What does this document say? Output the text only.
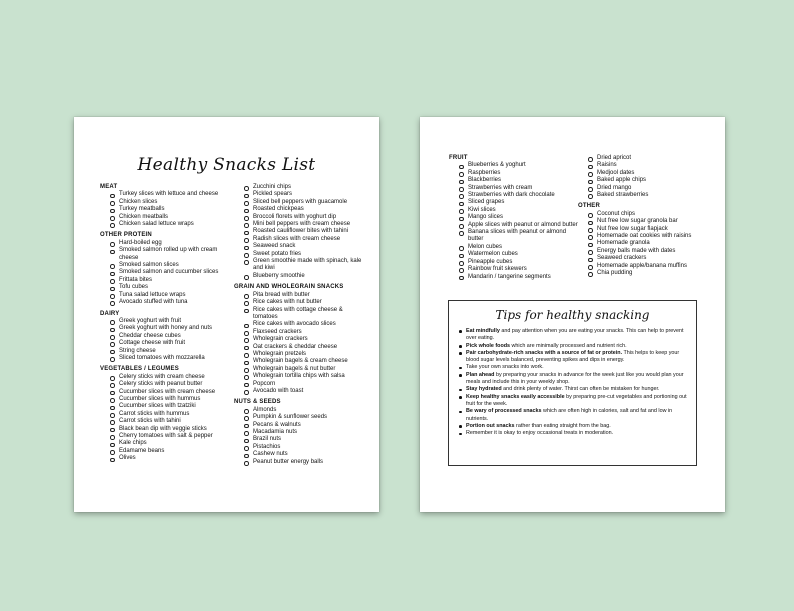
Healthy Snacks List
MEAT
Turkey slices with lettuce and cheese
Chicken slices
Turkey meatballs
Chicken meatballs
Chicken salad lettuce wraps
OTHER PROTEIN
Hard-boiled egg
Smoked salmon rolled up with cream cheese
Smoked salmon slices
Smoked salmon and cucumber slices
Frittata bites
Tofu cubes
Tuna salad lettuce wraps
Avocado stuffed with tuna
DAIRY
Greek yoghurt with fruit
Greek yoghurt with honey and nuts
Cheddar cheese cubes
Cottage cheese with fruit
String cheese
Sliced tomatoes with mozzarella
VEGETABLES / LEGUMES
Celery sticks with cream cheese
Celery sticks with peanut butter
Cucumber slices with cream cheese
Cucumber slices with hummus
Cucumber slices with tzatziki
Carrot sticks with hummus
Carrot sticks with tahini
Black bean dip with veggie sticks
Cherry tomatoes with salt & pepper
Kale chips
Edamame beans
Olives
Zucchini chips
Pickled spears
Sliced bell peppers with guacamole
Roasted chickpeas
Broccoli florets with yoghurt dip
Mini bell peppers with cream cheese
Roasted cauliflower bites with tahini
Radish slices with cream cheese
Seaweed snack
Sweet potato fries
Green smoothie made with spinach, kale and kiwi
Blueberry smoothie
GRAIN AND WHOLEGRAIN SNACKS
Pita bread with butter
Rice cakes with nut butter
Rice cakes with cottage cheese & tomatoes
Rice cakes with avocado slices
Flaxseed crackers
Wholegrain crackers
Oat crackers & cheddar cheese
Wholegrain pretzels
Wholegrain bagels & cream cheese
Wholegrain bagels & nut butter
Wholegrain tortilla chips with salsa
Popcorn
Avocado with toast
NUTS & SEEDS
Almonds
Pumpkin & sunflower seeds
Pecans & walnuts
Macadamia nuts
Brazil nuts
Pistachios
Cashew nuts
Peanut butter energy balls
FRUIT
Blueberries & yoghurt
Raspberries
Blackberries
Strawberries with cream
Strawberries with dark chocolate
Sliced grapes
Kiwi slices
Mango slices
Apple slices with peanut or almond butter
Banana slices with peanut or almond butter
Melon cubes
Watermelon cubes
Pineapple cubes
Rainbow fruit skewers
Mandarin / tangerine segments
Dried apricot
Raisins
Medjool dates
Baked apple chips
Dried mango
Baked strawberries
OTHER
Coconut chips
Nut free low sugar granola bar
Nut free low sugar flapjack
Homemade oat cookies with raisins
Homemade granola
Energy balls made with dates
Seaweed crackers
Homemade apple/banana muffins
Chia pudding
Tips for healthy snacking
Eat mindfully and pay attention when you are eating your snacks. This can help to prevent over eating.
Pick whole foods which are minimally processed and nutrient rich.
Pair carbohydrate-rich snacks with a source of fat or protein. This helps to keep your blood sugar levels balanced, preventing spikes and dips in energy.
Take your own snacks into work.
Plan ahead by preparing your snacks in advance for the week just like you would plan your meals and include this in your weekly shop.
Stay hydrated and drink plenty of water. Thirst can often be mistaken for hunger.
Keep healthy snacks easily accessible by preparing pre-cut vegetables and portioning out fruit for the week.
Be wary of processed snacks which are often high in calories, salt and fat and low in nutrients.
Portion out snacks rather than eating straight from the bag.
Remember it is okay to enjoy occasional treats in moderation.
